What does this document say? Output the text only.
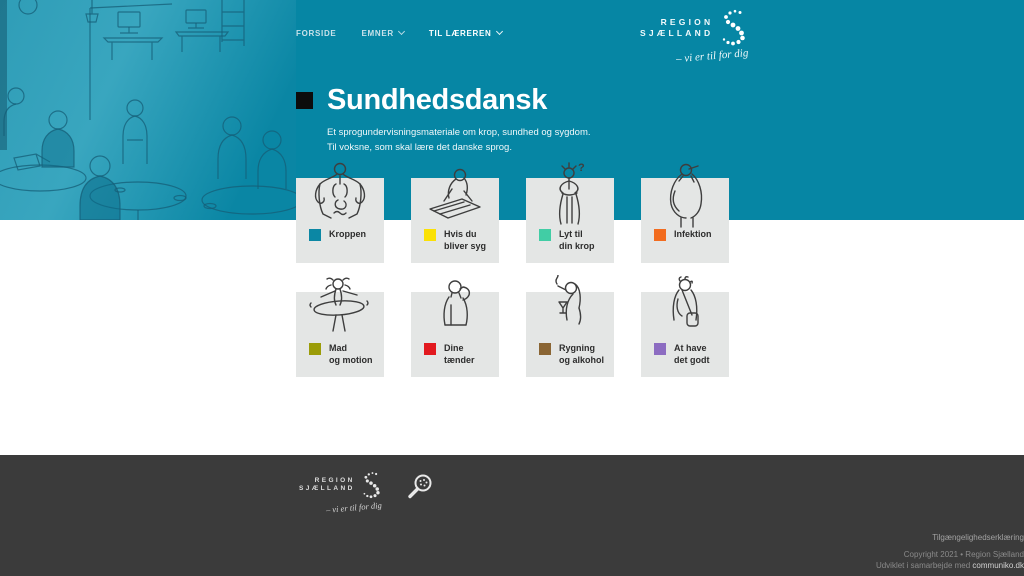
FORSIDE	EMNER	TIL LÆREREN
REGION
SJÆLLAND
– vi er til for dig
Sundhedsdansk
Et sprogundervisningsmateriale om krop, sundhed og sygdom.
Til voksne, som skal lære det danske sprog.
Kroppen	Hvis du
bliver syg
?
Lyt til
din krop
Infektion
Mad
og motion
Dine
tænder
Rygning
og alkohol
At have
det godt
REGION
SJÆLLAND
– vi er til for dig
Tilgængelighedserklæring
Copyright 2021 • Region Sjælland
Udviklet i samarbejde med communiko.dk
